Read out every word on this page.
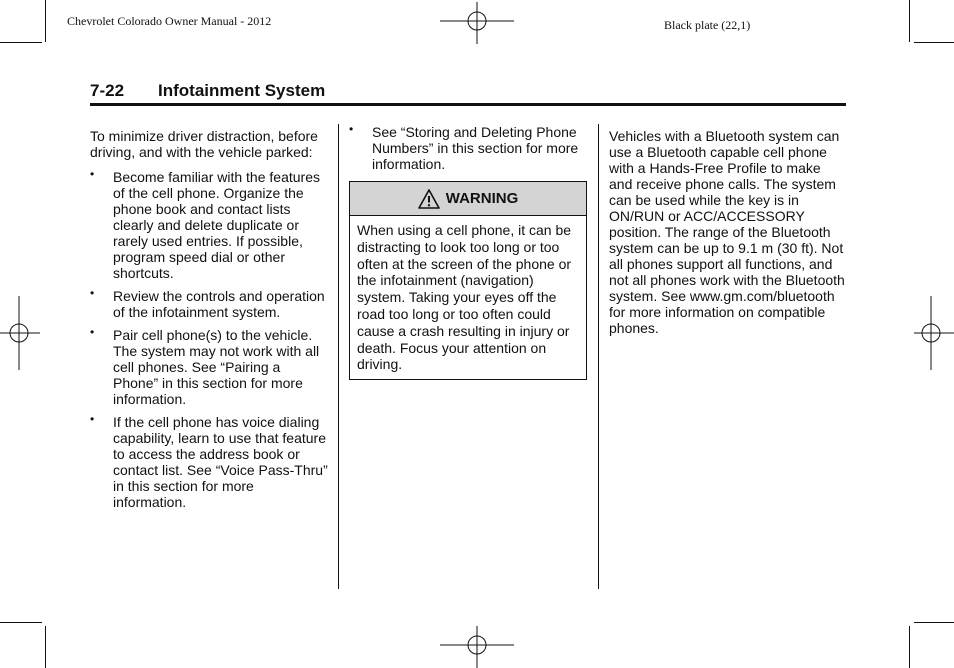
Chevrolet Colorado Owner Manual - 2012	Black plate (22,1)
7-22 Infotainment System

To minimize driver distraction, before driving, and with the vehicle parked:

• Become familiar with the features of the cell phone. Organize the phone book and contact lists clearly and delete duplicate or rarely used entries. If possible, program speed dial or other shortcuts.
• Review the controls and operation of the infotainment system.
• Pair cell phone(s) to the vehicle. The system may not work with all cell phones. See “Pairing a Phone” in this section for more information.
• If the cell phone has voice dialing capability, learn to use that feature to access the address book or contact list. See “Voice Pass-Thru” in this section for more information.
• See “Storing and Deleting Phone Numbers” in this section for more information.
WARNING
When using a cell phone, it can be distracting to look too long or too often at the screen of the phone or the infotainment (navigation) system. Taking your eyes off the road too long or too often could cause a crash resulting in injury or death. Focus your attention on driving.

Vehicles with a Bluetooth system can use a Bluetooth capable cell phone with a Hands-Free Profile to make and receive phone calls. The system can be used while the key is in ON/RUN or ACC/ACCESSORY position. The range of the Bluetooth system can be up to 9.1 m (30 ft). Not all phones support all functions, and not all phones work with the Bluetooth system. See www.gm.com/bluetooth for more information on compatible phones.
